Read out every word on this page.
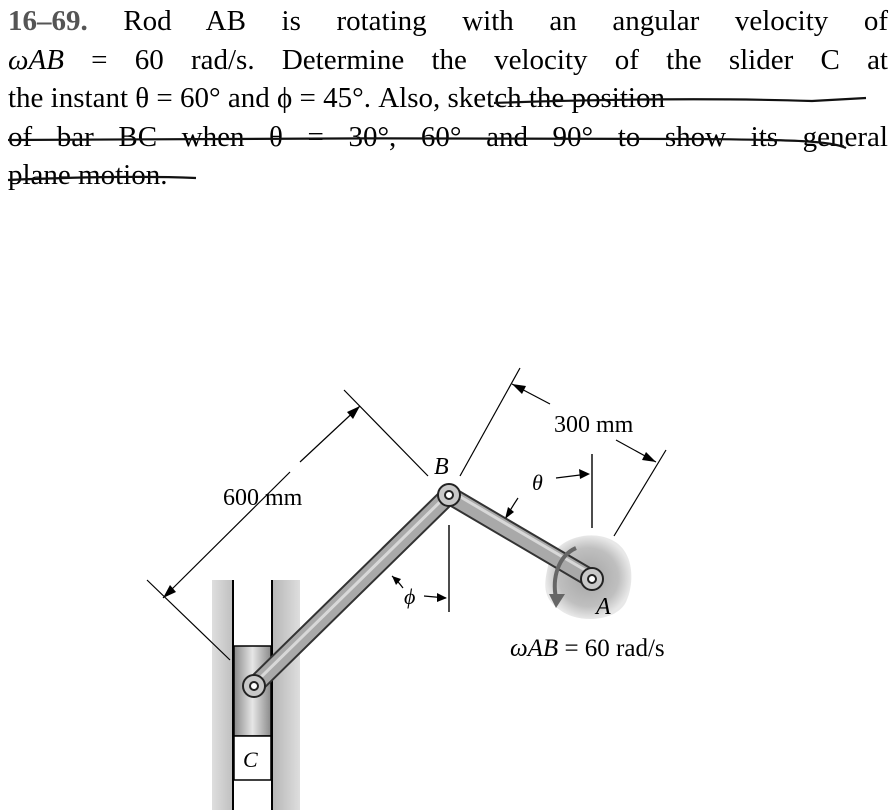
16–69. Rod AB is rotating with an angular velocity of
ωAB = 60 rad/s. Determine the velocity of the slider C at
the instant θ = 60° and ϕ = 45°. Also, sketch the position
of bar BC when θ = 30°, 60° and 90° to show its general
plane motion.
C
600 mm
300 mm
ϕ
θ
B
A
ωAB = 60 rad/s
